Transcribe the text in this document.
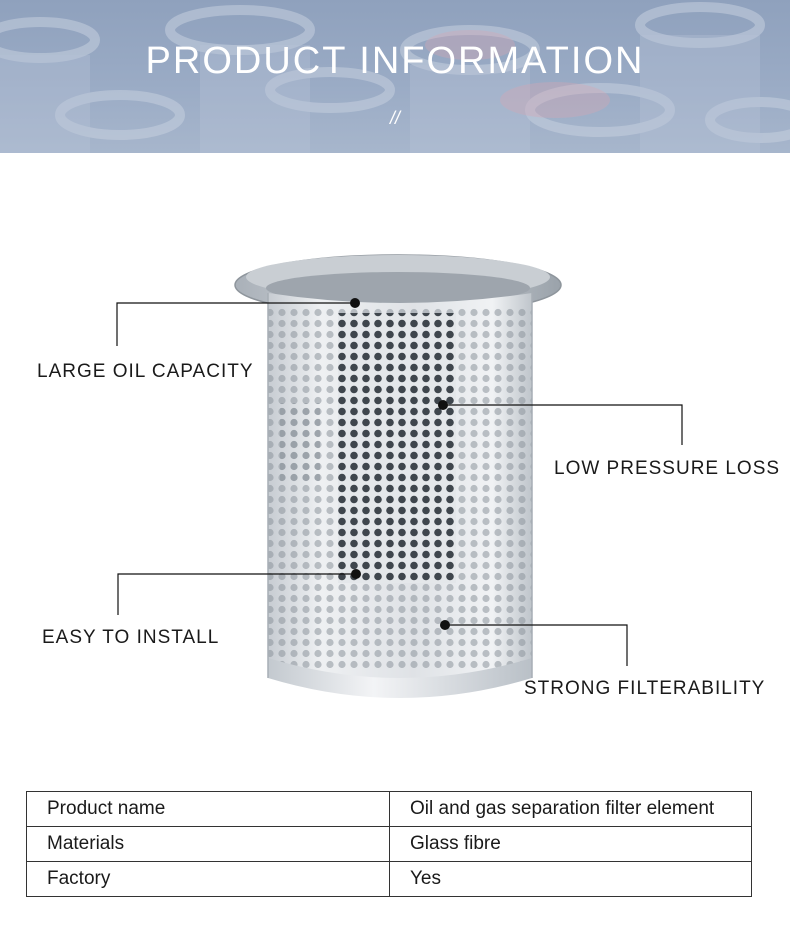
PRODUCT INFORMATION
//
LARGE OIL CAPACITY
LOW PRESSURE LOSS
EASY TO INSTALL
STRONG FILTERABILITY
Product name	Oil and gas separation filter element
Materials	Glass fibre
Factory	Yes
